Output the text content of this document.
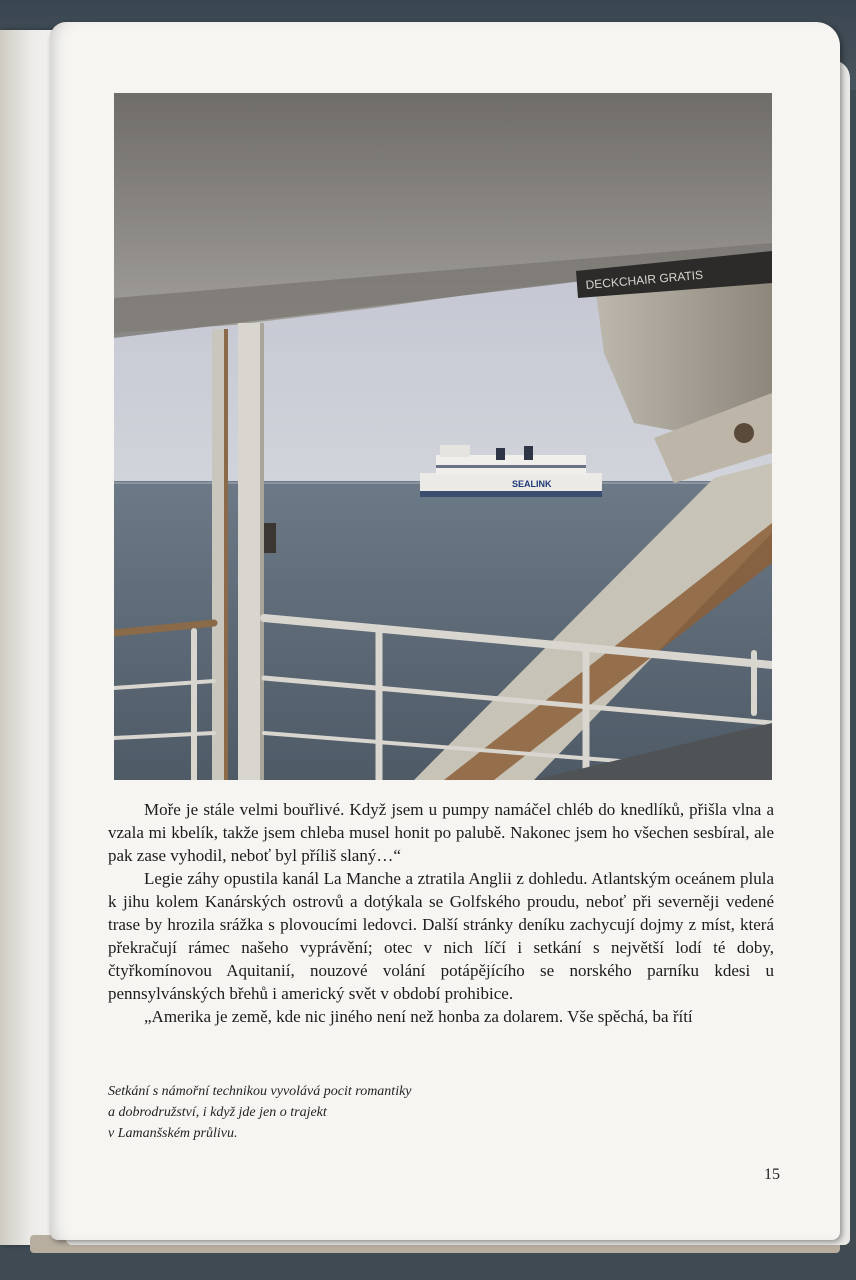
SEALINK
DECKCHAIR GRATIS

Moře je stále velmi bouřlivé. Když jsem u pumpy namáčel chléb do knedlíků, přišla vlna a vzala mi kbelík, takže jsem chleba musel honit po palubě. Nakonec jsem ho všechen sesbíral, ale pak zase vyhodil, neboť byl příliš slaný…“

Legie záhy opustila kanál La Manche a ztratila Anglii z dohledu. Atlantským oceánem plula k jihu kolem Kanárských ostrovů a dotýkala se Golfského proudu, neboť při severněji vedené trase by hrozila srážka s plovoucími ledovci. Další stránky deníku zachycují dojmy z míst, která překračují rámec našeho vyprávění; otec v nich líčí i setkání s největší lodí té doby, čtyřkomínovou Aquitanií, nouzové volání potápějícího se norského parníku kdesi u pennsylvánských břehů i americký svět v období prohibice.

„Amerika je země, kde nic jiného není než honba za dolarem. Vše spěchá, ba řítí

Setkání s námořní technikou vyvolává pocit romantiky
a dobrodružství, i když jde jen o trajekt
v Lamanšském průlivu.
15
